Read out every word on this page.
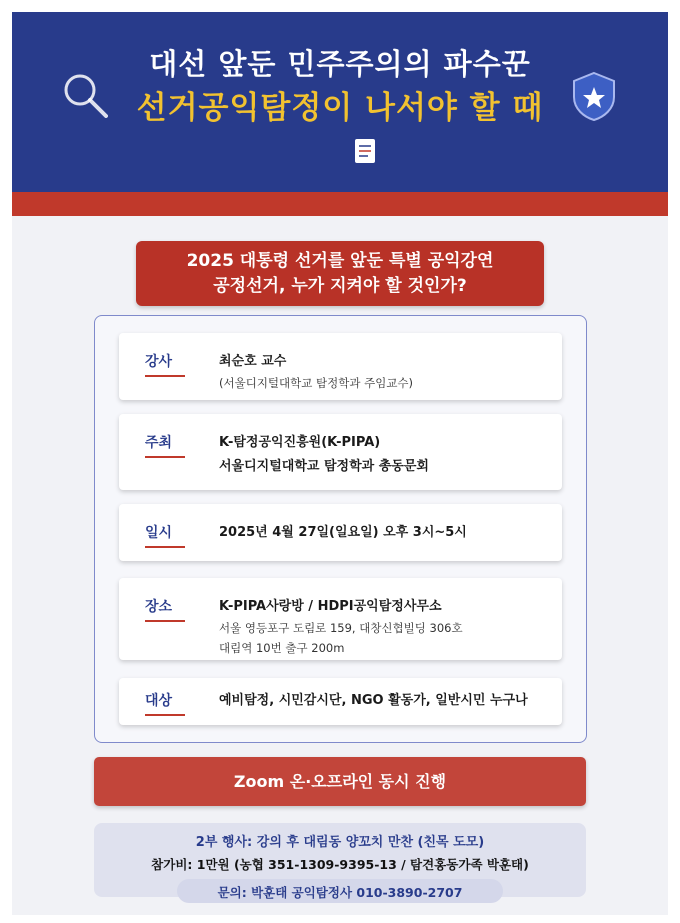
대선 앞둔 민주주의의 파수꾼
선거공익탐정이 나서야 할 때
2025 대통령 선거를 앞둔 특별 공익강연
공정선거, 누가 지켜야 할 것인가?
강사	최순호 교수
(서울디지털대학교 탐정학과 주임교수)
주최	K-탐정공익진흥원(K-PIPA)
서울디지털대학교 탐정학과 총동문회
일시	2025년 4월 27일(일요일) 오후 3시~5시
장소	K-PIPA사랑방 / HDPI공익탐정사무소
서울 영등포구 도림로 159, 대창신협빌딩 306호
대림역 10번 출구 200m
대상	예비탐정, 시민감시단, NGO 활동가, 일반시민 누구나
Zoom 온·오프라인 동시 진행
2부 행사: 강의 후 대림동 양꼬치 만찬 (친목 도모)
참가비: 1만원 (농협 351-1309-9395-13 / 탐견홍동가족 박훈태)
문의: 박훈태 공익탐정사 010-3890-2707
